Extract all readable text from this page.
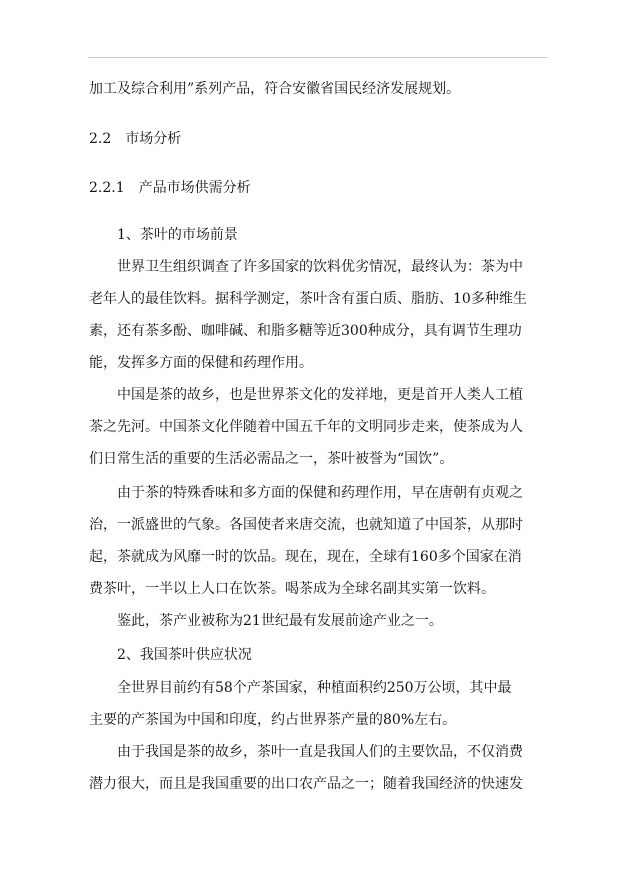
加工及综合利用”系列产品，符合安徽省国民经济发展规划。
2.2　市场分析
2.2.1　产品市场供需分析
1、茶叶的市场前景
世界卫生组织调查了许多国家的饮料优劣情况，最终认为：茶为中
老年人的最佳饮料。据科学测定，茶叶含有蛋白质、脂肪、10多种维生
素，还有茶多酚、咖啡碱、和脂多糖等近300种成分，具有调节生理功
能，发挥多方面的保健和药理作用。
中国是茶的故乡，也是世界茶文化的发祥地，更是首开人类人工植
茶之先河。中国茶文化伴随着中国五千年的文明同步走来，使茶成为人
们日常生活的重要的生活必需品之一，茶叶被誉为“国饮”。
由于茶的特殊香味和多方面的保健和药理作用，早在唐朝有贞观之
治，一派盛世的气象。各国使者来唐交流，也就知道了中国茶，从那时
起，茶就成为风靡一时的饮品。现在，现在，全球有160多个国家在消
费茶叶，一半以上人口在饮茶。喝茶成为全球名副其实第一饮料。
鉴此，茶产业被称为21世纪最有发展前途产业之一。
2、我国茶叶供应状况
全世界目前约有58个产茶国家，种植面积约250万公顷，其中最
主要的产茶国为中国和印度，约占世界茶产量的80%左右。
由于我国是茶的故乡，茶叶一直是我国人们的主要饮品，不仅消费
潜力很大，而且是我国重要的出口农产品之一；随着我国经济的快速发
